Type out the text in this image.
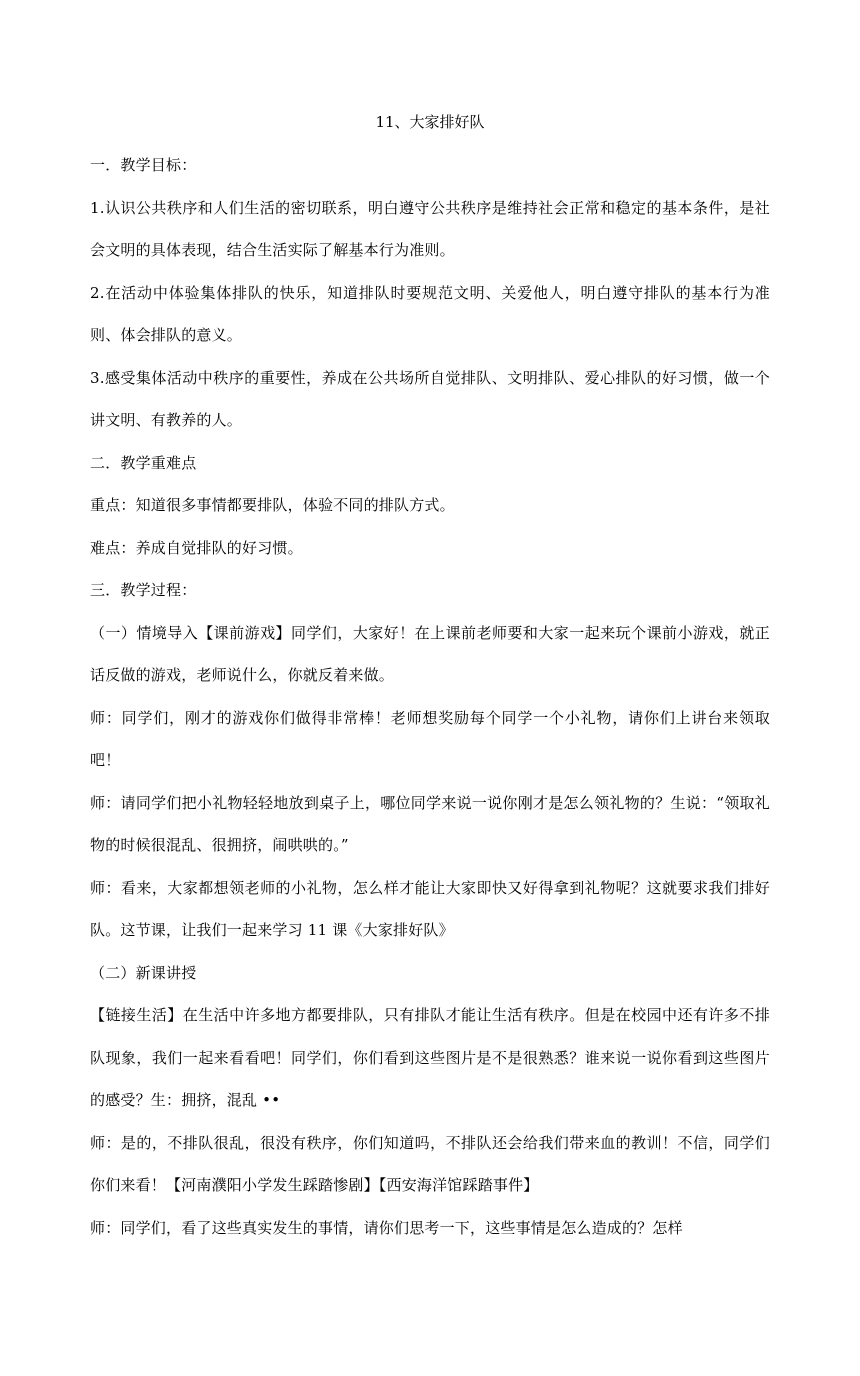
11、大家排好队

一．教学目标：

1.认识公共秩序和人们生活的密切联系，明白遵守公共秩序是维持社会正常和稳定的基本条件，是社会文明的具体表现，结合生活实际了解基本行为准则。

2.在活动中体验集体排队的快乐，知道排队时要规范文明、关爱他人，明白遵守排队的基本行为准则、体会排队的意义。

3.感受集体活动中秩序的重要性，养成在公共场所自觉排队、文明排队、爱心排队的好习惯，做一个讲文明、有教养的人。

二．教学重难点

重点：知道很多事情都要排队，体验不同的排队方式。

难点：养成自觉排队的好习惯。

三．教学过程：

（一）情境导入【课前游戏】同学们，大家好！在上课前老师要和大家一起来玩个课前小游戏，就正话反做的游戏，老师说什么，你就反着来做。

师：同学们，刚才的游戏你们做得非常棒！老师想奖励每个同学一个小礼物，请你们上讲台来领取吧！

师：请同学们把小礼物轻轻地放到桌子上，哪位同学来说一说你刚才是怎么领礼物的？生说：“领取礼物的时候很混乱、很拥挤，闹哄哄的。”

师：看来，大家都想领老师的小礼物，怎么样才能让大家即快又好得拿到礼物呢？这就要求我们排好队。这节课，让我们一起来学习 11 课《大家排好队》

（二）新课讲授

【链接生活】在生活中许多地方都要排队，只有排队才能让生活有秩序。但是在校园中还有许多不排队现象，我们一起来看看吧！同学们，你们看到这些图片是不是很熟悉？谁来说一说你看到这些图片的感受？生：拥挤，混乱 ••

师：是的，不排队很乱，很没有秩序，你们知道吗，不排队还会给我们带来血的教训！不信，同学们你们来看！【河南濮阳小学发生踩踏惨剧】【西安海洋馆踩踏事件】

师：同学们，看了这些真实发生的事情，请你们思考一下，这些事情是怎么造成的？怎样
